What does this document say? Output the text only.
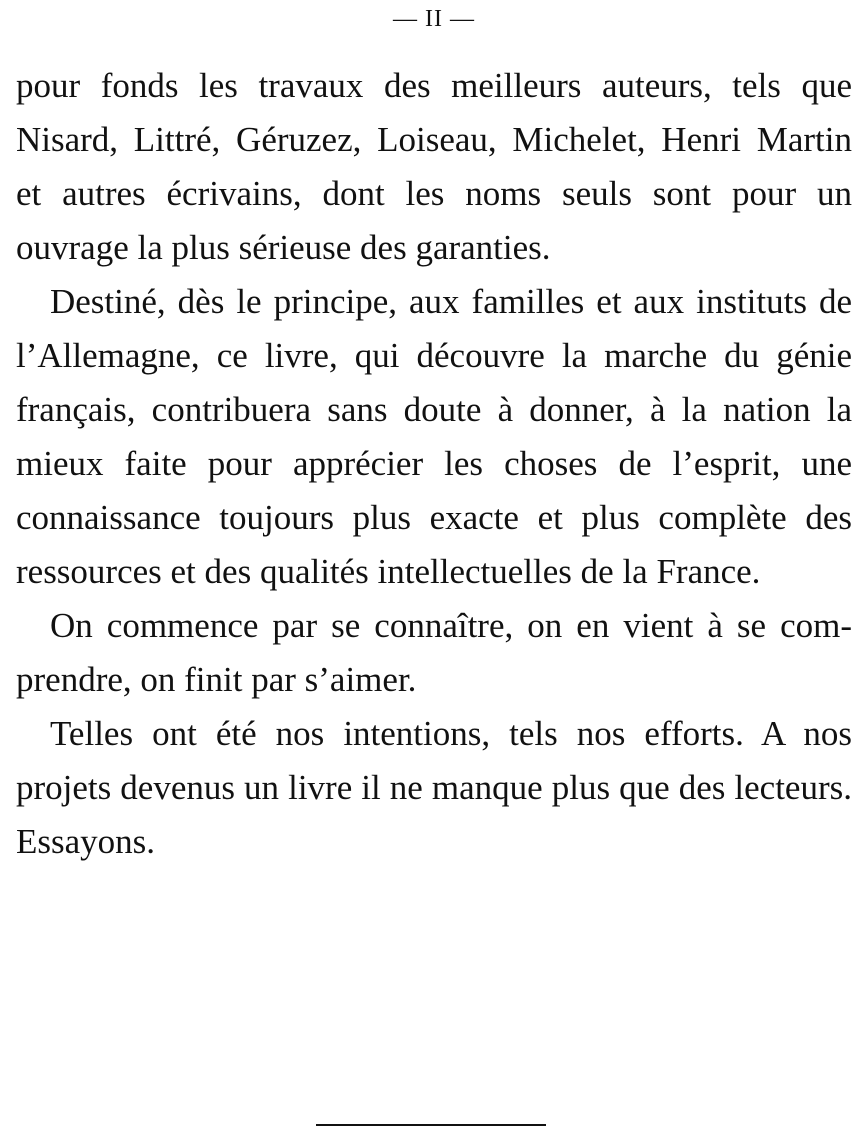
— II —
pour fonds les travaux des meilleurs auteurs, tels que
Nisard, Littré, Géruzez, Loiseau, Michelet, Henri Martin
et autres écrivains, dont les noms seuls sont pour un
ouvrage la plus sérieuse des garanties.
Destiné, dès le principe, aux familles et aux instituts de
l’Allemagne, ce livre, qui découvre la marche du génie
français, contribuera sans doute à donner, à la nation la
mieux faite pour apprécier les choses de l’esprit, une
connaissance toujours plus exacte et plus complète des
ressources et des qualités intellectuelles de la France.
On commence par se connaître, on en vient à se com-
prendre, on finit par s’aimer.
Telles ont été nos intentions, tels nos efforts. A nos
projets devenus un livre il ne manque plus que des lecteurs.
Essayons.
